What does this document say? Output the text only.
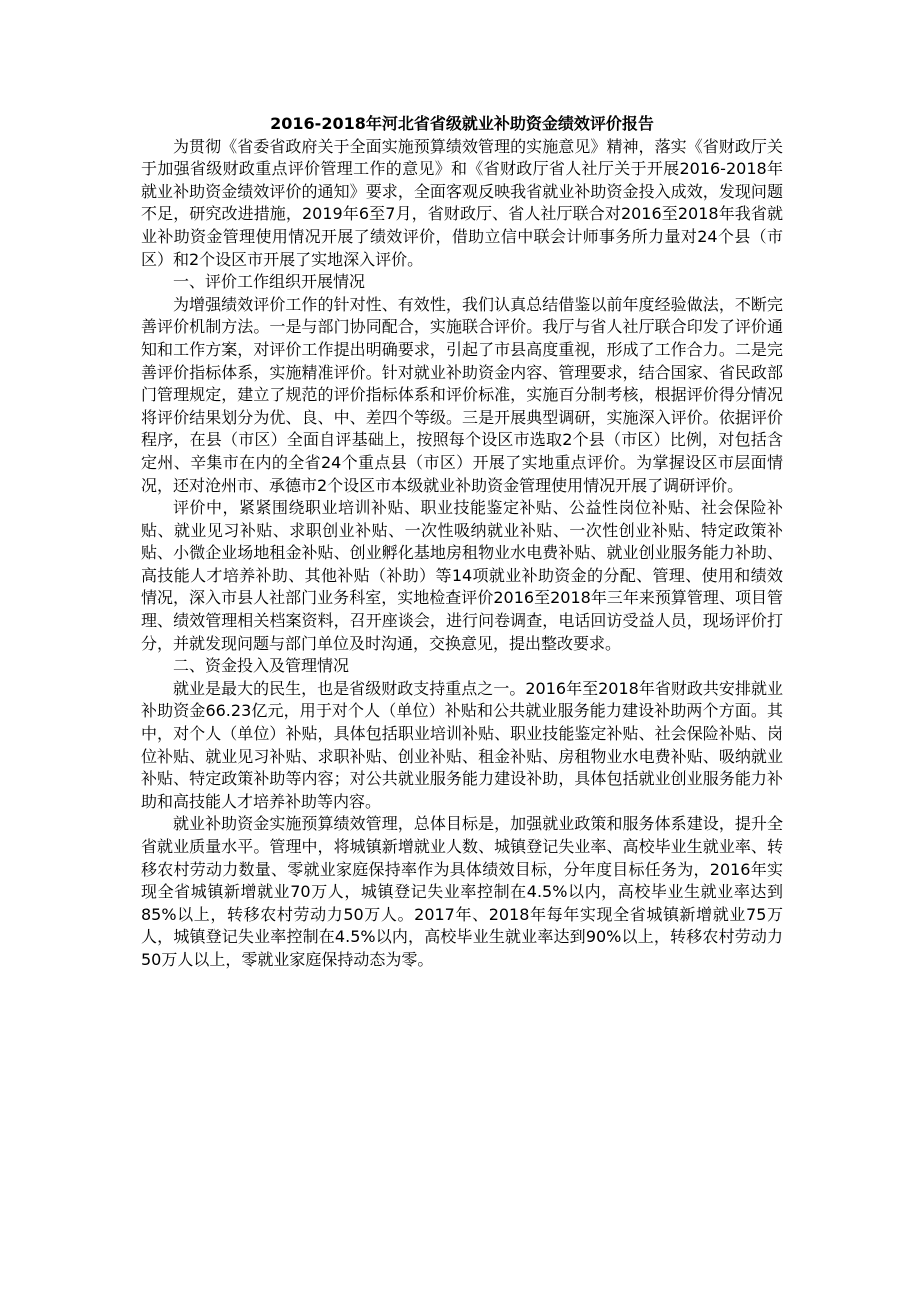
2016-2018年河北省省级就业补助资金绩效评价报告

为贯彻《省委省政府关于全面实施预算绩效管理的实施意见》精神，落实《省财政厅关于加强省级财政重点评价管理工作的意见》和《省财政厅省人社厅关于开展2016-2018年就业补助资金绩效评价的通知》要求，全面客观反映我省就业补助资金投入成效，发现问题不足，研究改进措施，2019年6至7月，省财政厅、省人社厅联合对2016至2018年我省就业补助资金管理使用情况开展了绩效评价，借助立信中联会计师事务所力量对24个县（市区）和2个设区市开展了实地深入评价。

一、评价工作组织开展情况

为增强绩效评价工作的针对性、有效性，我们认真总结借鉴以前年度经验做法，不断完善评价机制方法。一是与部门协同配合，实施联合评价。我厅与省人社厅联合印发了评价通知和工作方案，对评价工作提出明确要求，引起了市县高度重视，形成了工作合力。二是完善评价指标体系，实施精准评价。针对就业补助资金内容、管理要求，结合国家、省民政部门管理规定，建立了规范的评价指标体系和评价标准，实施百分制考核，根据评价得分情况将评价结果划分为优、良、中、差四个等级。三是开展典型调研，实施深入评价。依据评价程序，在县（市区）全面自评基础上，按照每个设区市选取2个县（市区）比例，对包括含定州、辛集市在内的全省24个重点县（市区）开展了实地重点评价。为掌握设区市层面情况，还对沧州市、承德市2个设区市本级就业补助资金管理使用情况开展了调研评价。

评价中，紧紧围绕职业培训补贴、职业技能鉴定补贴、公益性岗位补贴、社会保险补贴、就业见习补贴、求职创业补贴、一次性吸纳就业补贴、一次性创业补贴、特定政策补贴、小微企业场地租金补贴、创业孵化基地房租物业水电费补贴、就业创业服务能力补助、高技能人才培养补助、其他补贴（补助）等14项就业补助资金的分配、管理、使用和绩效情况，深入市县人社部门业务科室，实地检查评价2016至2018年三年来预算管理、项目管理、绩效管理相关档案资料，召开座谈会，进行问卷调查，电话回访受益人员，现场评价打分，并就发现问题与部门单位及时沟通，交换意见，提出整改要求。

二、资金投入及管理情况

就业是最大的民生，也是省级财政支持重点之一。2016年至2018年省财政共安排就业补助资金66.23亿元，用于对个人（单位）补贴和公共就业服务能力建设补助两个方面。其中，对个人（单位）补贴，具体包括职业培训补贴、职业技能鉴定补贴、社会保险补贴、岗位补贴、就业见习补贴、求职补贴、创业补贴、租金补贴、房租物业水电费补贴、吸纳就业补贴、特定政策补助等内容；对公共就业服务能力建设补助，具体包括就业创业服务能力补助和高技能人才培养补助等内容。

就业补助资金实施预算绩效管理，总体目标是，加强就业政策和服务体系建设，提升全省就业质量水平。管理中，将城镇新增就业人数、城镇登记失业率、高校毕业生就业率、转移农村劳动力数量、零就业家庭保持率作为具体绩效目标，分年度目标任务为，2016年实现全省城镇新增就业70万人，城镇登记失业率控制在4.5%以内，高校毕业生就业率达到85%以上，转移农村劳动力50万人。2017年、2018年每年实现全省城镇新增就业75万人，城镇登记失业率控制在4.5%以内，高校毕业生就业率达到90%以上，转移农村劳动力50万人以上，零就业家庭保持动态为零。
